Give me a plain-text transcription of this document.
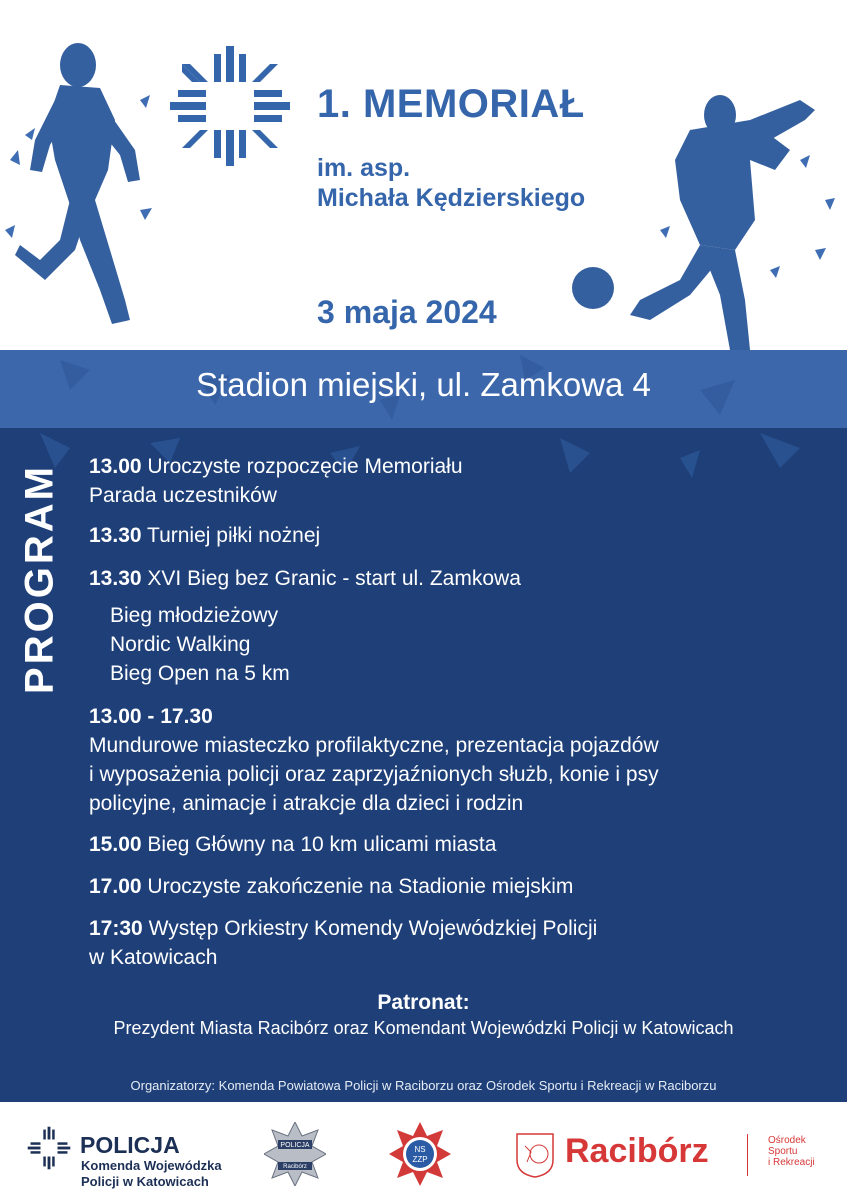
1. MEMORIAŁ
im. asp.
Michała Kędzierskiego
3 maja 2024
Stadion miejski, ul. Zamkowa 4
PROGRAM 13.00 Uroczyste rozpoczęcie Memoriału
Parada uczestników
13.30 Turniej piłki nożnej
13.30 XVI Bieg bez Granic - start ul. Zamkowa
Bieg młodzieżowy
Nordic Walking
Bieg Open na 5 km
13.00 - 17.30
Mundurowe miasteczko profilaktyczne, prezentacja pojazdów
i wyposażenia policji oraz zaprzyjaźnionych służb, konie i psy
policyjne, animacje i atrakcje dla dzieci i rodzin
15.00 Bieg Główny na 10 km ulicami miasta
17.00 Uroczyste zakończenie na Stadionie miejskim
17:30 Występ Orkiestry Komendy Wojewódzkiej Policji
w Katowicach
Patronat:
Prezydent Miasta Racibórz oraz Komendant Wojewódzki Policji w Katowicach
Organizatorzy: Komenda Powiatowa Policji w Raciborzu oraz Ośrodek Sportu i Rekreacji w Raciborzu
POLICJA
Komenda Wojewódzka
Policji w Katowicach
POLICJA
Racibórz
NS
ZZP	Racibórz	Ośrodek
Sportu
i Rekreacji
